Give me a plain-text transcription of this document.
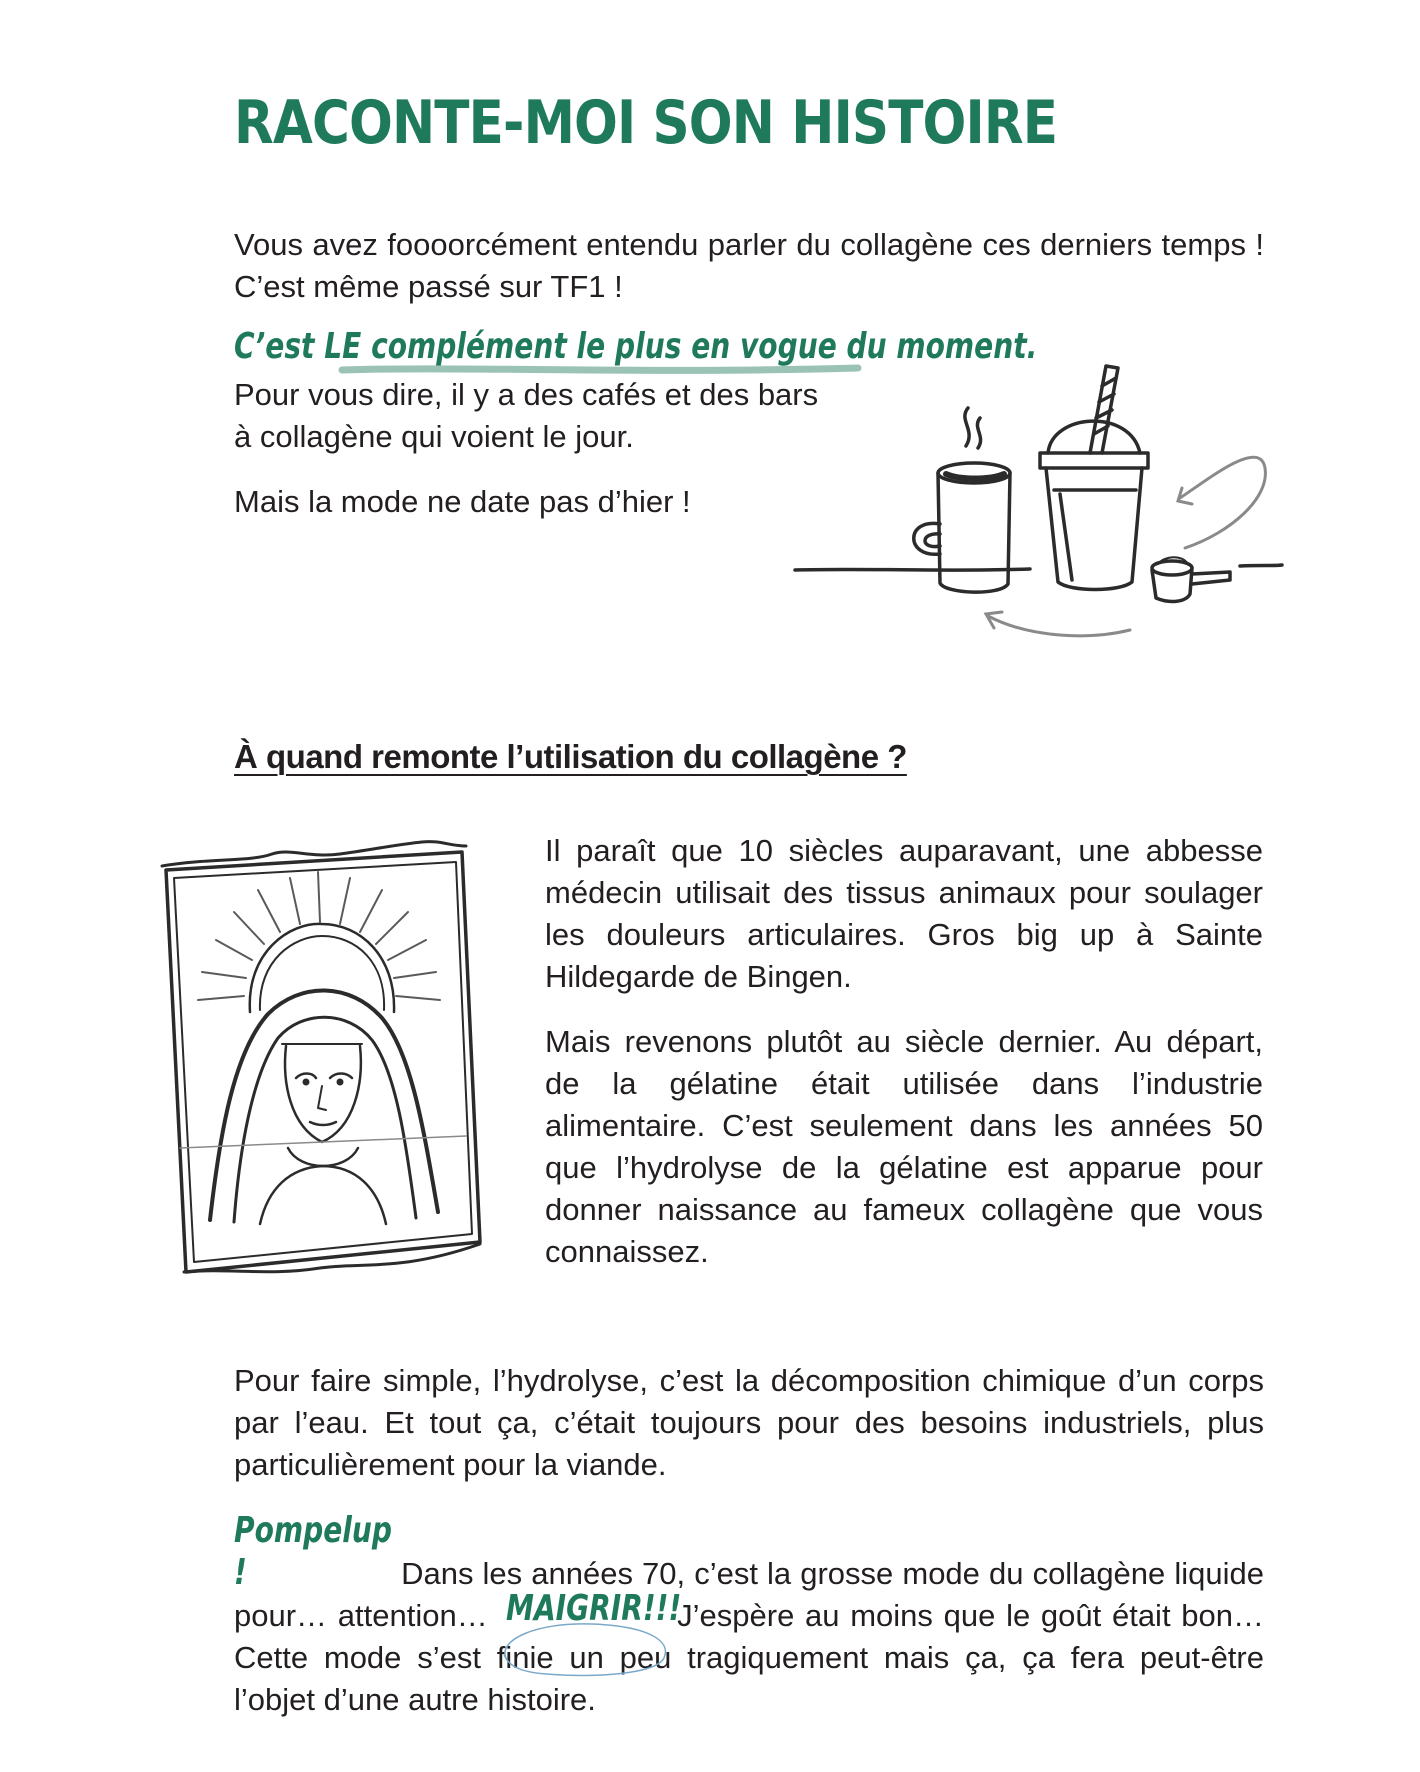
RACONTE-MOI SON HISTOIRE

Vous avez foooorcément entendu parler du collagène ces derniers temps ! C’est même passé sur TF1 !

C’est LE complément le plus en vogue du moment.

Pour vous dire, il y a des cafés et des bars

à collagène qui voient le jour.

Mais la mode ne date pas d’hier !

À quand remonte l’utilisation du collagène ?

Il paraît que 10 siècles auparavant, une abbesse médecin utilisait des tissus animaux pour soulager les douleurs articulaires. Gros big up à Sainte Hildegarde de Bingen.

Mais revenons plutôt au siècle dernier. Au départ, de la gélatine était utilisée dans l’industrie alimentaire. C’est seulement dans les années 50 que l’hydrolyse de la gélatine est apparue pour donner naissance au fameux collagène que vous connaissez.

Pour faire simple, l’hydrolyse, c’est la décomposition chimique d’un corps par l’eau. Et tout ça, c’était toujours pour des besoins industriels, plus particulièrement pour la viande.

Pompelup !	Dans les années 70, c’est la grosse mode du collagène liquide pour… attention… MAIGRIR!!!
J’espère au moins que le goût était bon… Cette mode s’est finie un peu tragiquement mais ça, ça fera peut-être l’objet d’une autre histoire.
